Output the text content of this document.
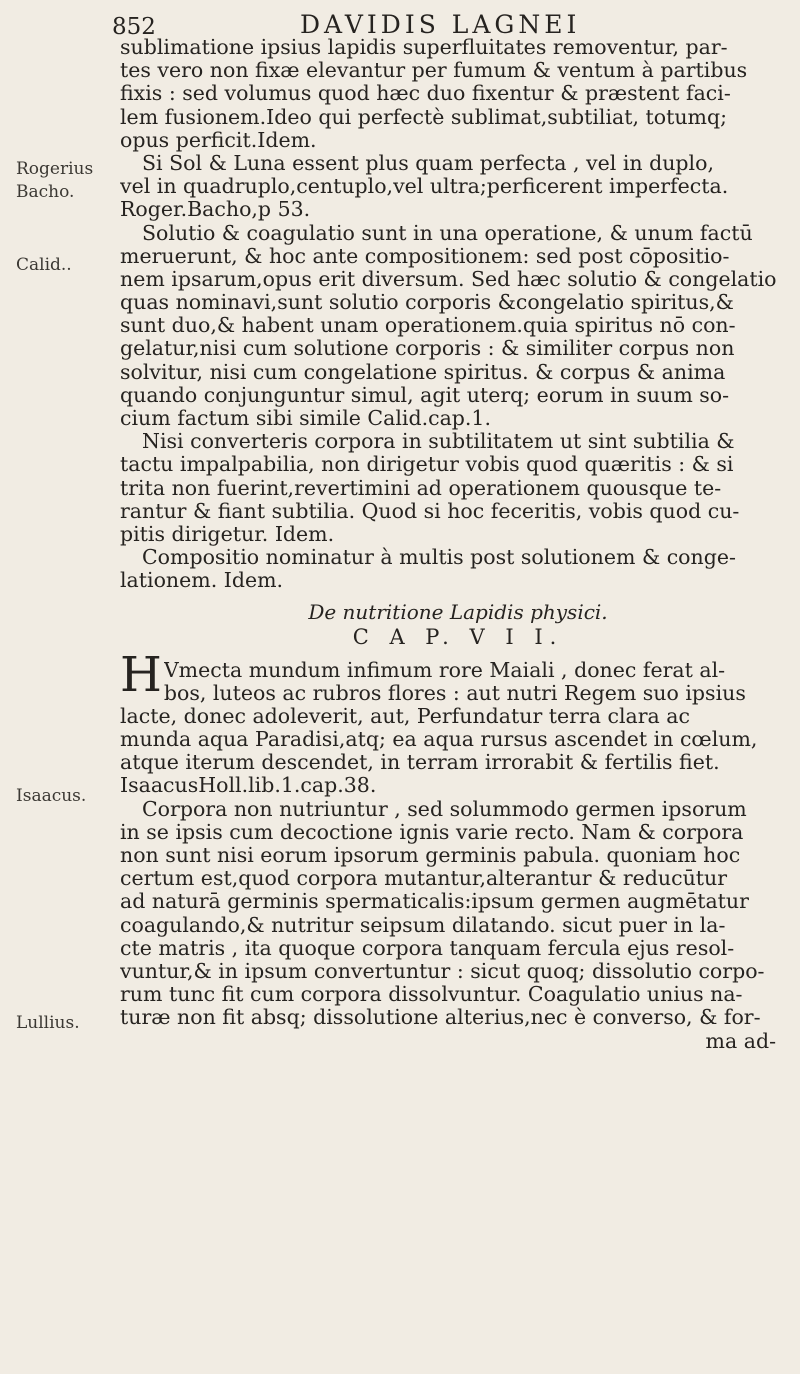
852	DAVIDIS LAGNEI
Rogerius
Bacho.
Calid..
Isaacus.
Lullius.
sublimatione ipsius lapidis superfluitates removentur, par-
tes vero non fixæ elevantur per fumum & ventum à partibus
fixis : sed volumus quod hæc duo fixentur & præstent faci-
lem fusionem.Ideo qui perfectè sublimat,subtiliat, totumq;
opus perficit.Idem.
Si Sol & Luna essent plus quam perfecta , vel in duplo,
vel in quadruplo,centuplo,vel ultra;perficerent imperfecta.
Roger.Bacho,p 53.
Solutio & coagulatio sunt in una operatione, & unum factū
meruerunt, & hoc ante compositionem: sed post cōpositio-
nem ipsarum,opus erit diversum. Sed hæc solutio & congelatio
quas nominavi,sunt solutio corporis &congelatio spiritus,&
sunt duo,& habent unam operationem.quia spiritus nō con-
gelatur,nisi cum solutione corporis : & similiter corpus non
solvitur, nisi cum congelatione spiritus. & corpus & anima
quando conjunguntur simul, agit uterq; eorum in suum so-
cium factum sibi simile Calid.cap.1.
Nisi converteris corpora in subtilitatem ut sint subtilia &
tactu impalpabilia, non dirigetur vobis quod quæritis : & si
trita non fuerint,revertimini ad operationem quousque te-
rantur & fiant subtilia. Quod si hoc feceritis, vobis quod cu-
pitis dirigetur. Idem.
Compositio nominatur à multis post solutionem & conge-
lationem. Idem.
De nutritione Lapidis physici.
C A P. V I I.
H Vmecta mundum infimum rore Maiali , donec ferat al-
bos, luteos ac rubros flores : aut nutri Regem suo ipsius
lacte, donec adoleverit, aut, Perfundatur terra clara ac
munda aqua Paradisi,atq; ea aqua rursus ascendet in cœlum,
atque iterum descendet, in terram irrorabit & fertilis fiet.
IsaacusHoll.lib.1.cap.38.
Corpora non nutriuntur , sed solummodo germen ipsorum
in se ipsis cum decoctione ignis varie recto. Nam & corpora
non sunt nisi eorum ipsorum germinis pabula. quoniam hoc
certum est,quod corpora mutantur,alterantur & reducūtur
ad naturā germinis spermaticalis:ipsum germen augmētatur
coagulando,& nutritur seipsum dilatando. sicut puer in la-
cte matris , ita quoque corpora tanquam fercula ejus resol-
vuntur,& in ipsum convertuntur : sicut quoq; dissolutio corpo-
rum tunc fit cum corpora dissolvuntur. Coagulatio unius na-
turæ non fit absq; dissolutione alterius,nec è converso, & for-
ma ad-
